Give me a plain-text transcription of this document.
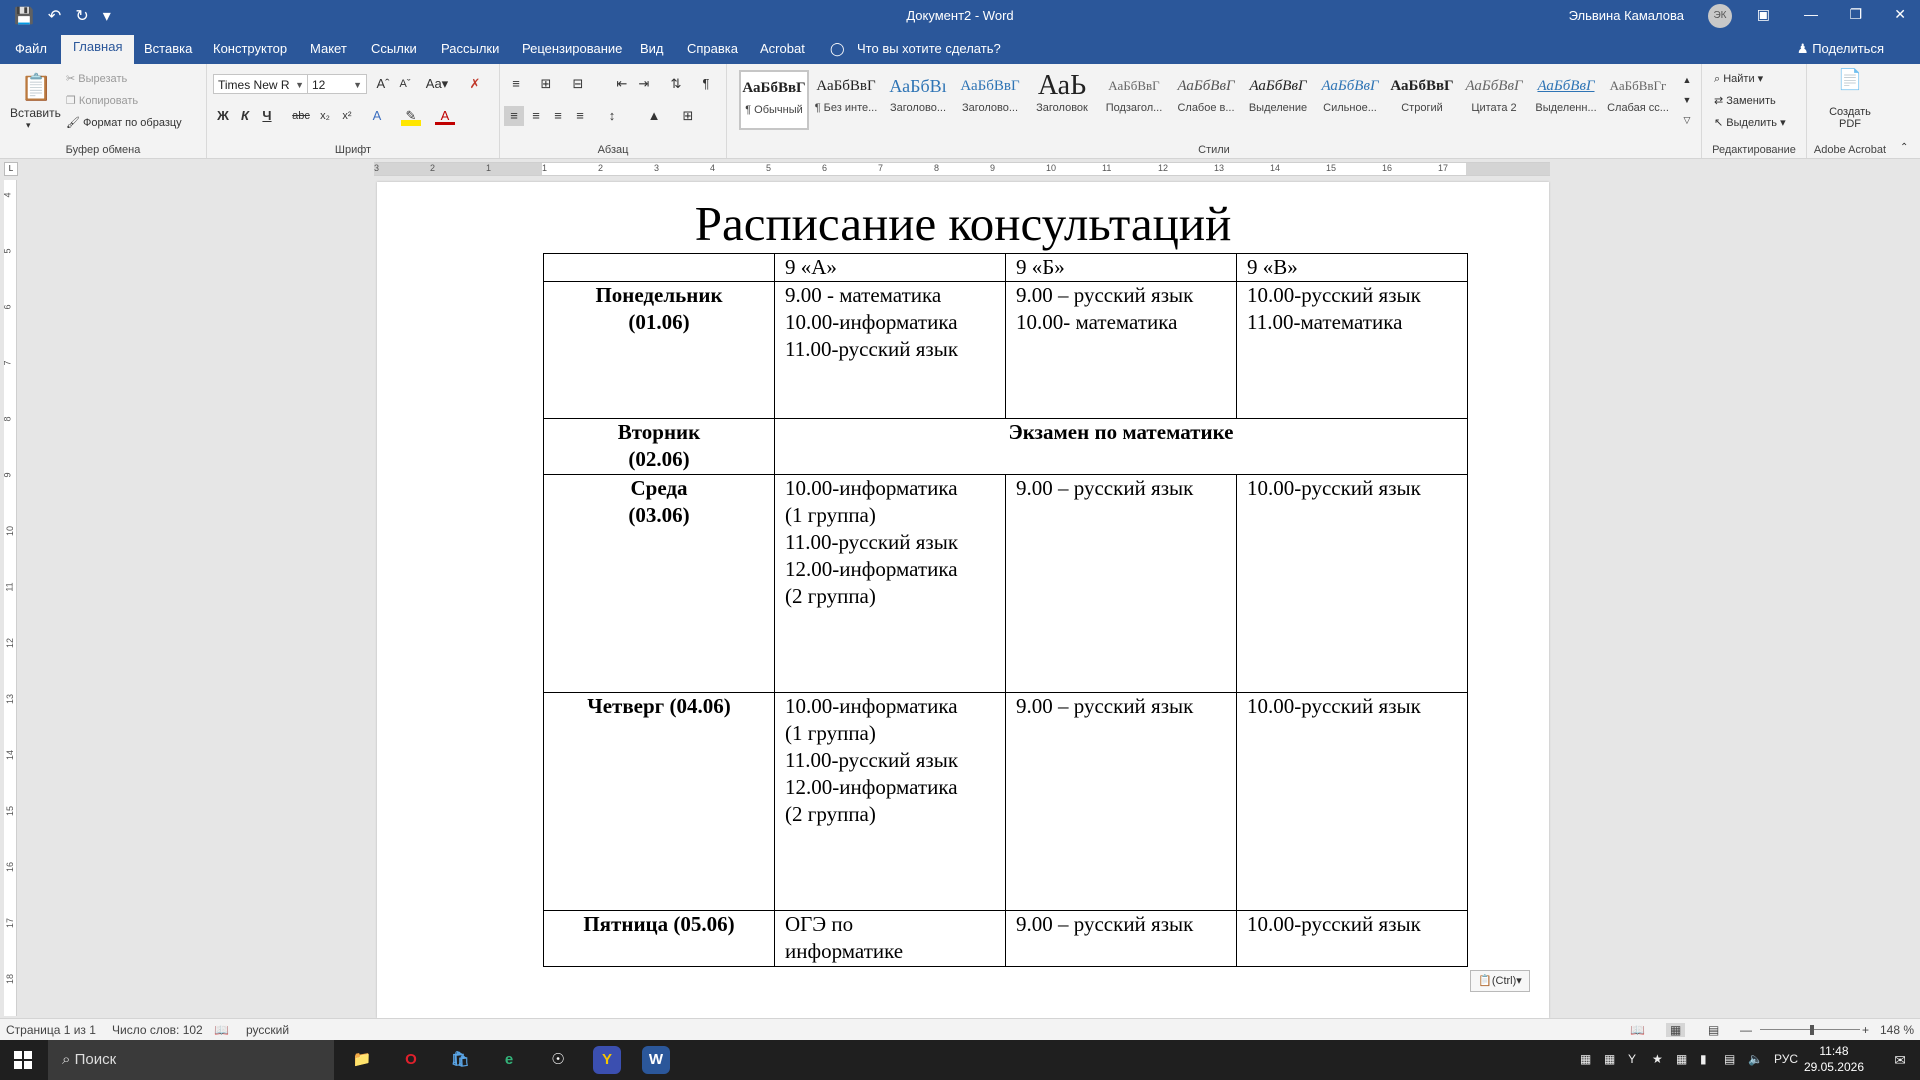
💾 ↶ ↻ ▾	Документ2 - Word	Эльвина Камалова	ЭК	▣ — ❐ ✕
Файл	Главная	Вставка Конструктор Макет Ссылки Рассылки Рецензирование Вид Справка Acrobat ◯ Что вы хотите сделать?	♟ Поделиться
📋
Вставить
▾
✂ Вырезать
❐ Копировать
🖌 Формат по образцу
Буфер обмена
Times New R ▼ 12	▼ Aˆ Aˇ	Aa▾	✗
Ж К	Ч	abc x₂	x²	A	✎	A
Шрифт
≡	⊞	⊟	⇤ ⇥	⇅	¶
≡	≡	≡	≡	↕	▲	⊞
Абзац
АаБбВвГ
¶ Обычный
АаБбВвГ
¶ Без инте...
АаБбВı
Заголово...
АаБбВвГ
Заголово...
АаЬ
Заголовок
АаБбВвГ
Подзагол...
АаБбВвГ
Слабое в...
АаБбВвГ
Выделение
АаБбВвГ
Сильное...
АаБбВвГ
Строгий
АаБбВвГ
Цитата 2
АаБбВвГ
Выделенн...
АаБбВвГг
Слабая сс...
▲
▼
▽
Стили
⌕ Найти ▾
⇄ Заменить
↖ Выделить ▾
Редактирование
📄
Создать PDF
Adobe Acrobat	⌃
L	3	2	1	1	2	3	4	5	6	7	8	9	10	11	12	13	14	15	16	17
4
5
6
7
8
9
10
11
12
13
14
15
16
17
18
Расписание консультаций
	9 «А»	9 «Б»	9 «В»

Понедельник
(01.06)	9.00 - математика
10.00-информатика
11.00-русский язык	9.00 – русский язык
10.00- математика	10.00-русский язык
11.00-математика

Вторник
(02.06)	Экзамен по математике		

Среда
(03.06)	10.00-информатика
(1 группа)
11.00-русский язык
12.00-информатика
(2 группа)	9.00 – русский язык	10.00-русский язык

Четверг (04.06)	10.00-информатика
(1 группа)
11.00-русский язык
12.00-информатика
(2 группа)	9.00 – русский язык	10.00-русский язык

Пятница (05.06)	ОГЭ по
информатике	9.00 – русский язык	10.00-русский язык
📋(Ctrl)▾
Страница 1 из 1 Число слов: 102 📖 русский	📖	▦	▤ —	+ 148 %
⌕ Поиск	📁	O	🛍	e	☉	Y	W	▦ ▦ Y ★ ▦ ▮ ▤ 🔈 РУС
11:48
29.05.2026 ✉
